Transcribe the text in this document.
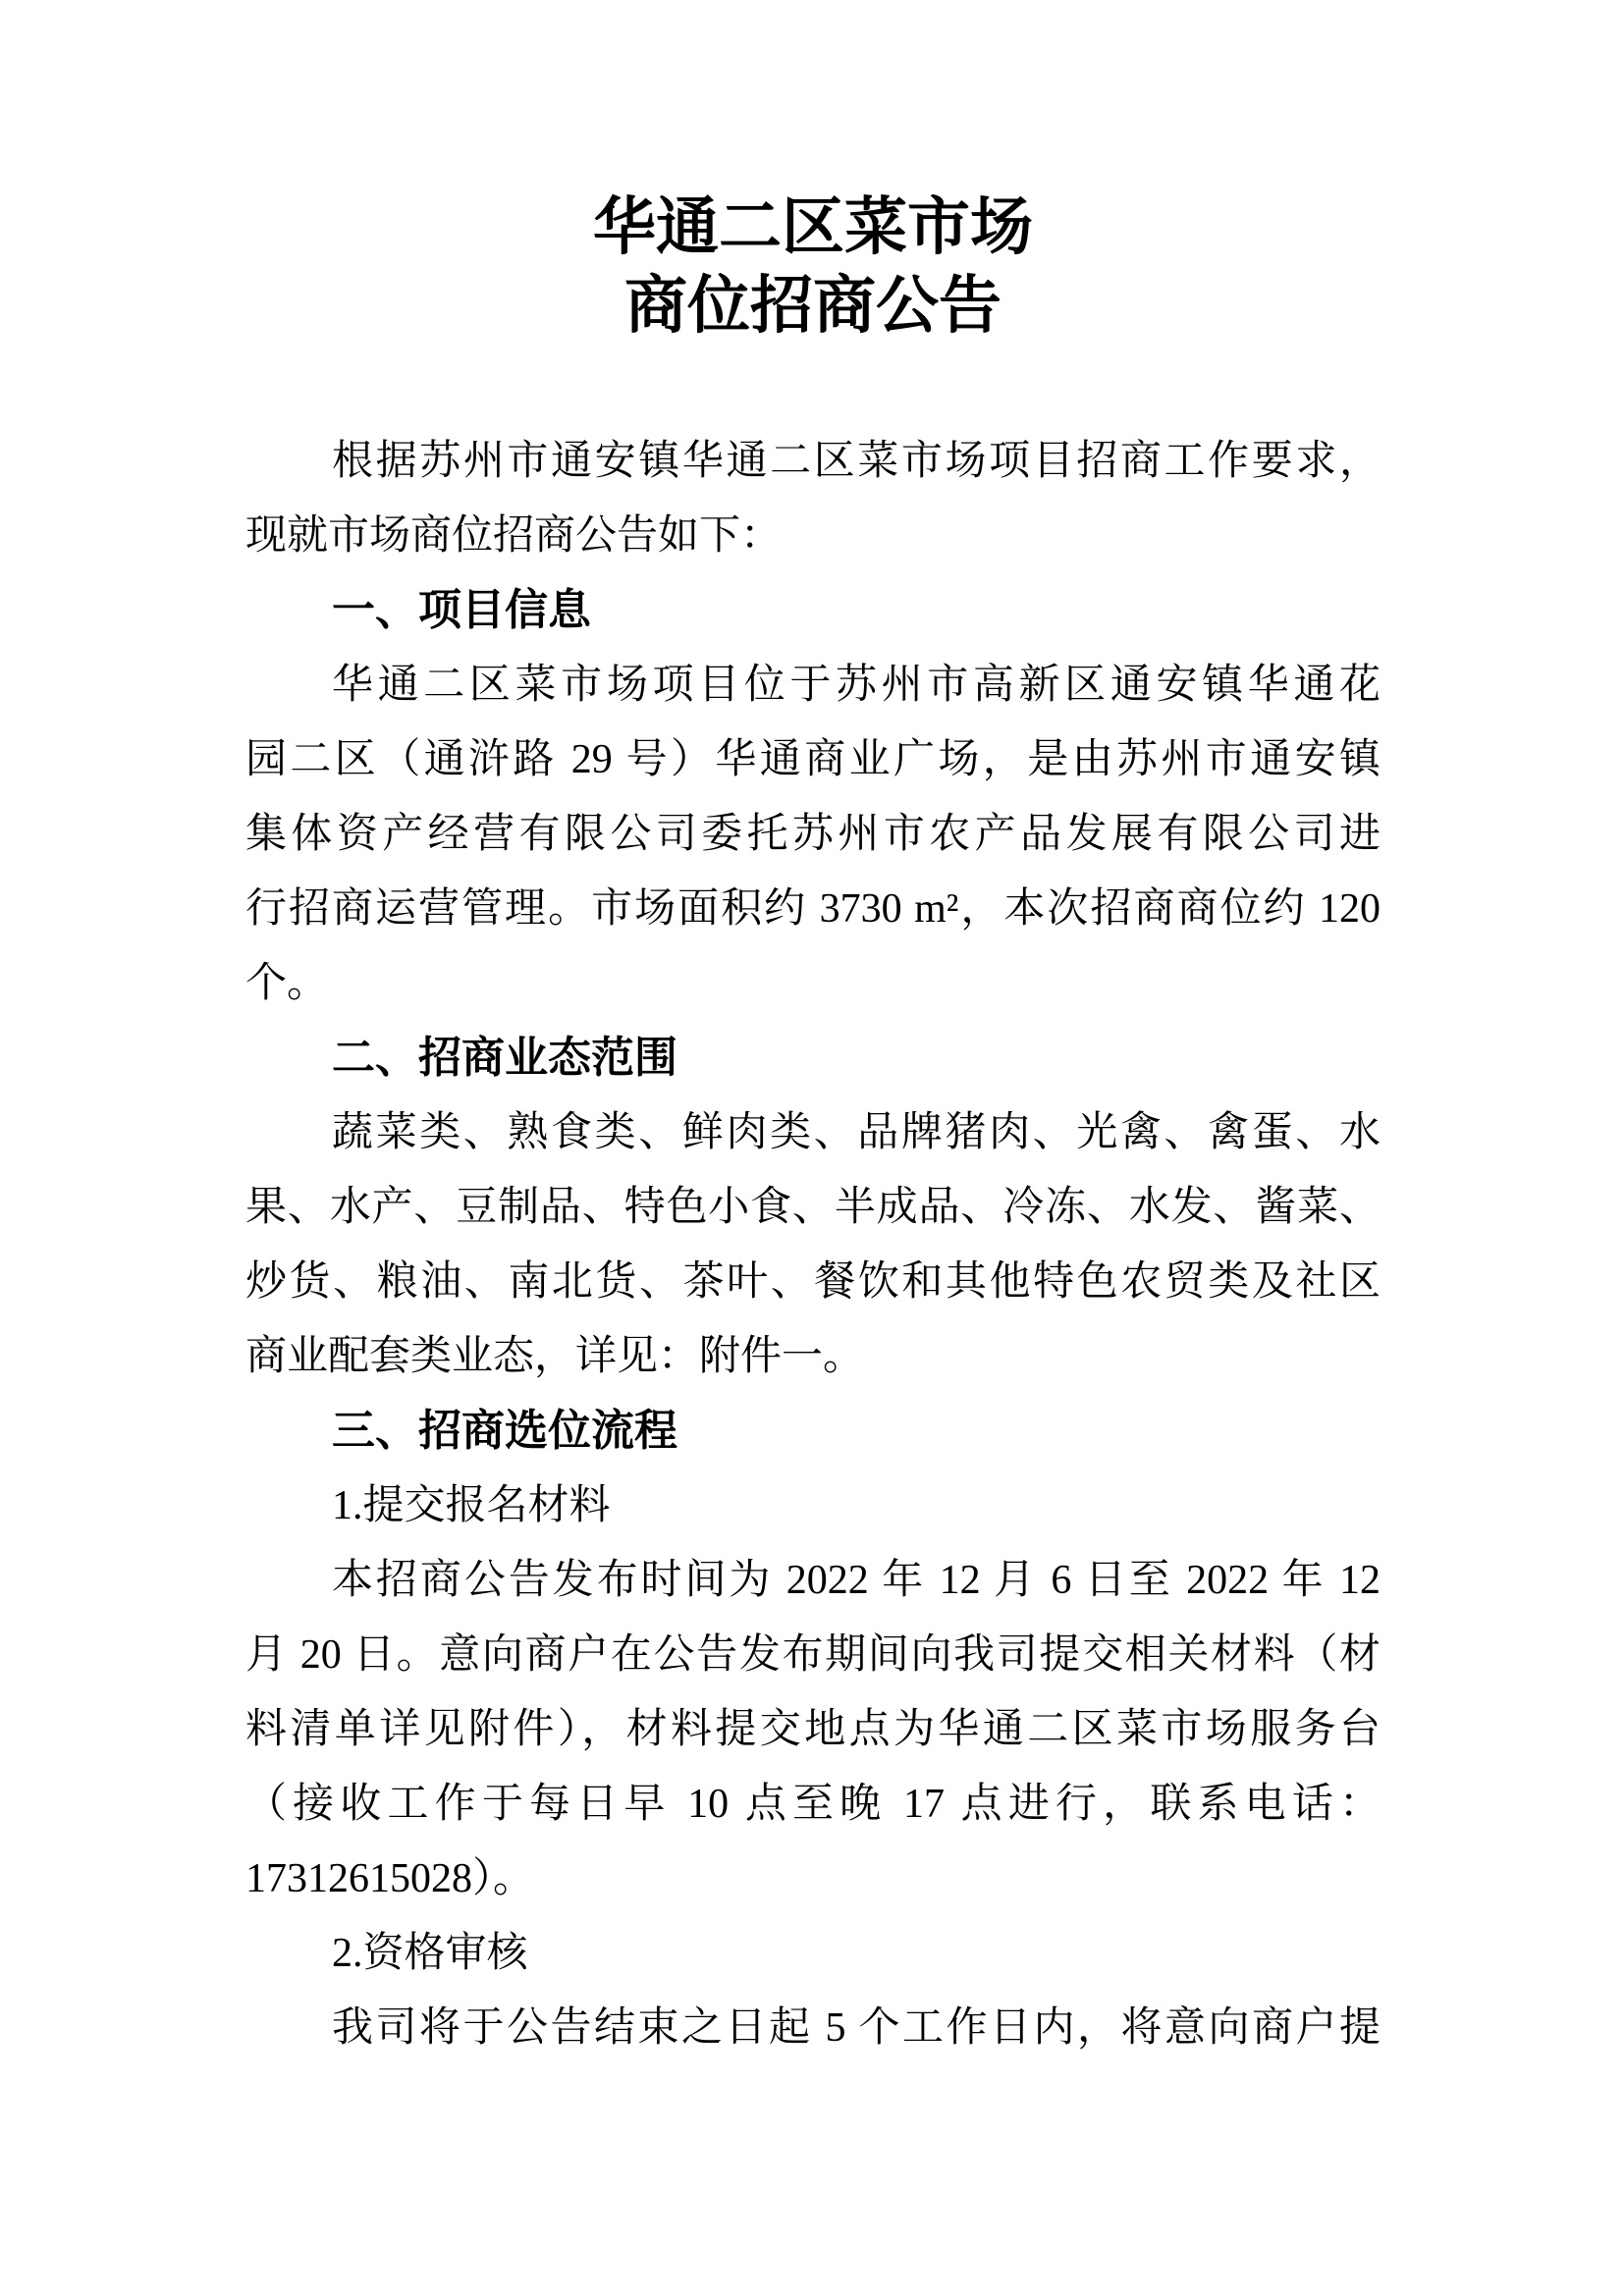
华通二区菜市场
商位招商公告
根据苏州市通安镇华通二区菜市场项目招商工作要求，
现就市场商位招商公告如下：
一、项目信息
华通二区菜市场项目位于苏州市高新区通安镇华通花
园二区（通浒路 29 号）华通商业广场，是由苏州市通安镇
集体资产经营有限公司委托苏州市农产品发展有限公司进
行招商运营管理。市场面积约 3730 m²，本次招商商位约 120
个。
二、招商业态范围
蔬菜类、熟食类、鲜肉类、品牌猪肉、光禽、禽蛋、水
果、水产、豆制品、特色小食、半成品、冷冻、水发、酱菜、
炒货、粮油、南北货、茶叶、餐饮和其他特色农贸类及社区
商业配套类业态，详见：附件一。
三、招商选位流程
1.提交报名材料
本招商公告发布时间为 2022 年 12 月 6 日至 2022 年 12
月 20 日。意向商户在公告发布期间向我司提交相关材料（材
料清单详见附件），材料提交地点为华通二区菜市场服务台
（接收工作于每日早 10 点至晚 17 点进行，联系电话：
17312615028）。
2.资格审核
我司将于公告结束之日起 5 个工作日内，将意向商户提
